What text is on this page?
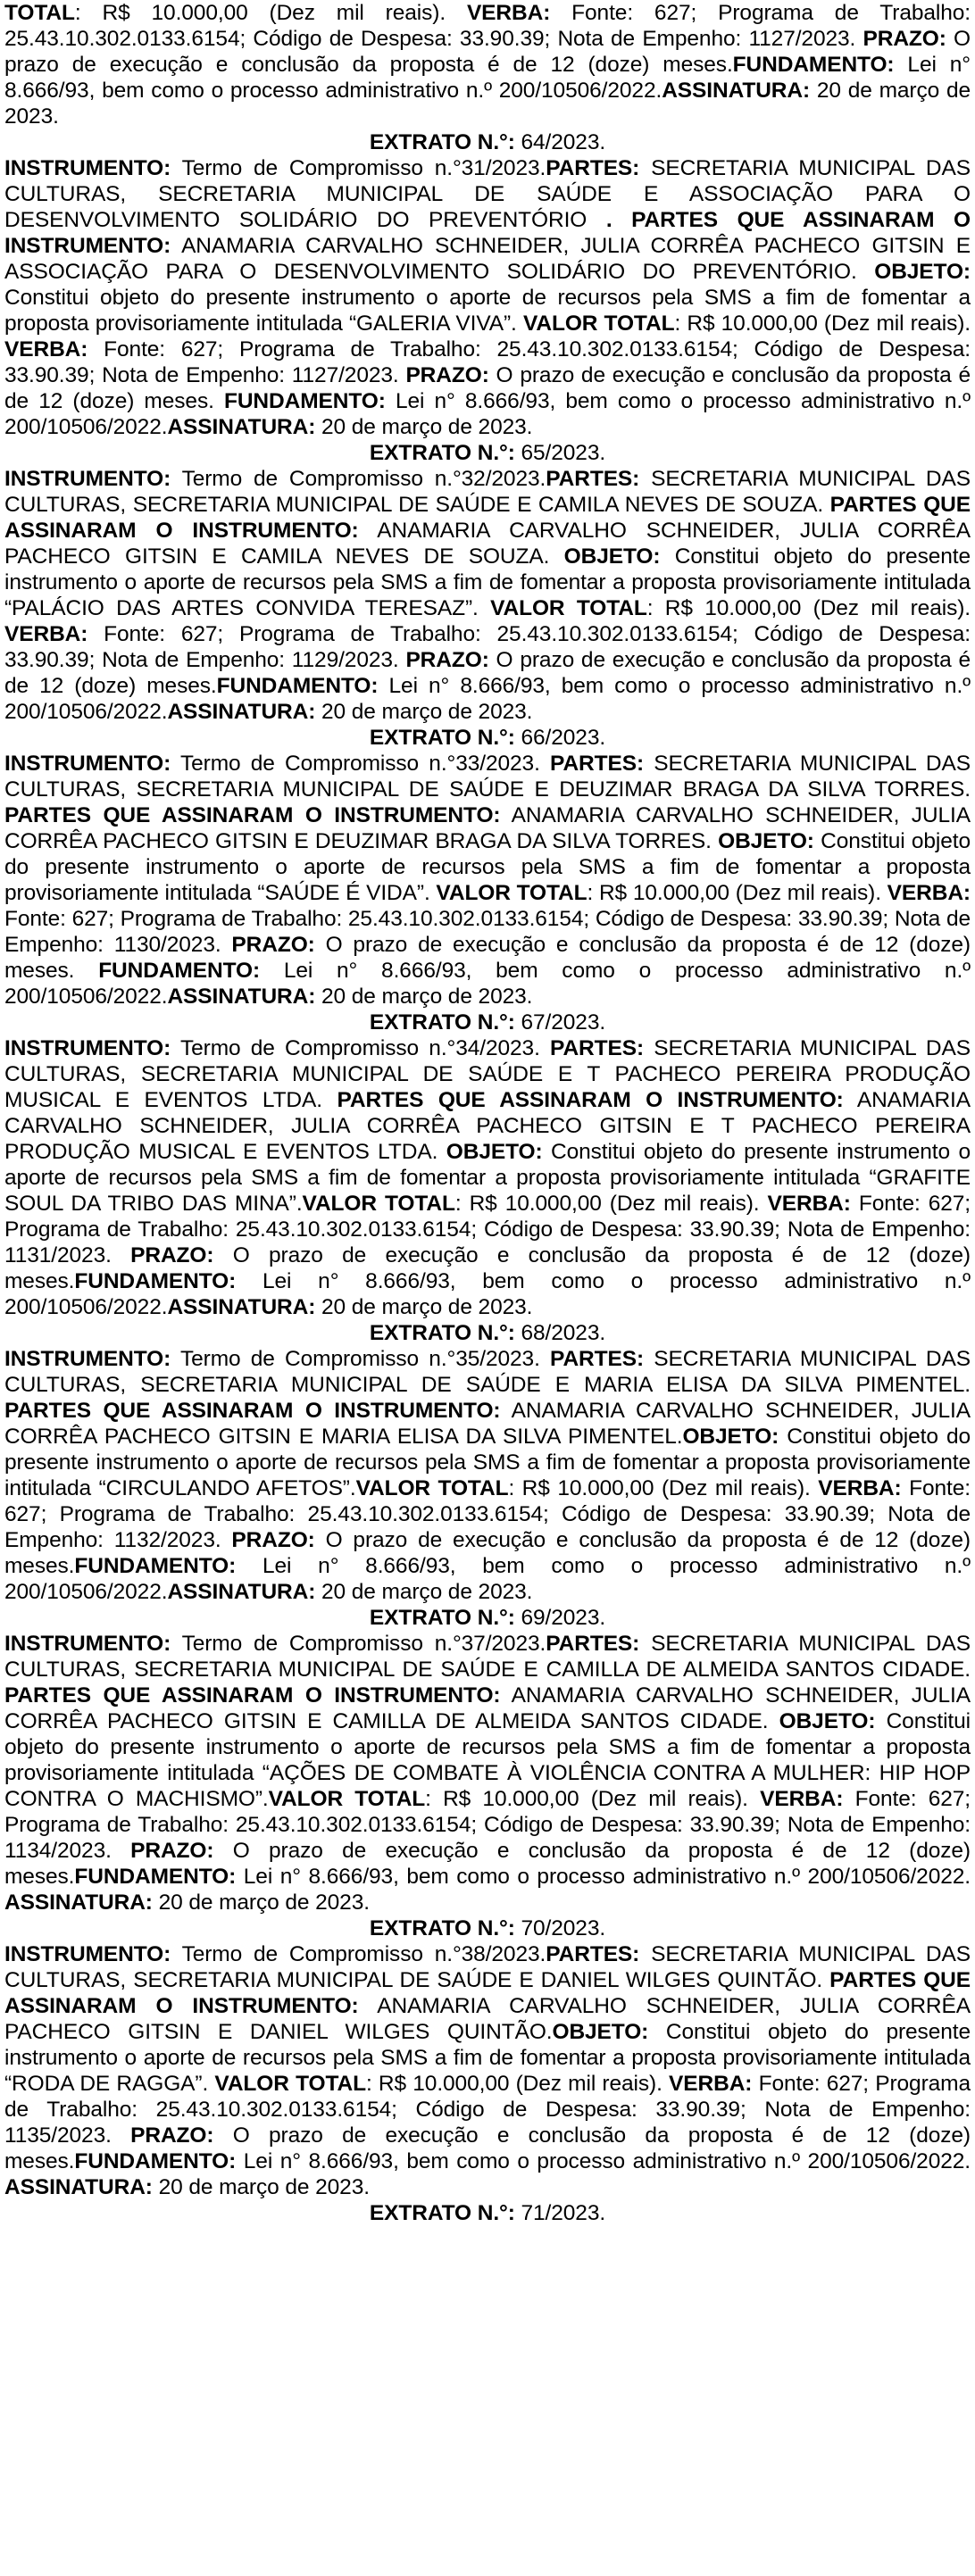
TOTAL: R$ 10.000,00 (Dez mil reais). VERBA: Fonte: 627; Programa de Trabalho: 25.43.10.302.0133.6154; Código de Despesa: 33.90.39; Nota de Empenho: 1127/2023. PRAZO: O prazo de execução e conclusão da proposta é de 12 (doze) meses.FUNDAMENTO: Lei n° 8.666/93, bem como o processo administrativo n.º 200/10506/2022.ASSINATURA: 20 de março de 2023.

EXTRATO N.°: 64/2023.

INSTRUMENTO: Termo de Compromisso n.°31/2023.PARTES: SECRETARIA MUNICIPAL DAS CULTURAS, SECRETARIA MUNICIPAL DE SAÚDE E ASSOCIAÇÃO PARA O DESENVOLVIMENTO SOLIDÁRIO DO PREVENTÓRIO . PARTES QUE ASSINARAM O INSTRUMENTO: ANAMARIA CARVALHO SCHNEIDER, JULIA CORRÊA PACHECO GITSIN E ASSOCIAÇÃO PARA O DESENVOLVIMENTO SOLIDÁRIO DO PREVENTÓRIO. OBJETO: Constitui objeto do presente instrumento o aporte de recursos pela SMS a fim de fomentar a proposta provisoriamente intitulada “GALERIA VIVA”. VALOR TOTAL: R$ 10.000,00 (Dez mil reais). VERBA: Fonte: 627; Programa de Trabalho: 25.43.10.302.0133.6154; Código de Despesa: 33.90.39; Nota de Empenho: 1127/2023. PRAZO: O prazo de execução e conclusão da proposta é de 12 (doze) meses. FUNDAMENTO: Lei n° 8.666/93, bem como o processo administrativo n.º 200/10506/2022.ASSINATURA: 20 de março de 2023.

EXTRATO N.°: 65/2023.

INSTRUMENTO: Termo de Compromisso n.°32/2023.PARTES: SECRETARIA MUNICIPAL DAS CULTURAS, SECRETARIA MUNICIPAL DE SAÚDE E CAMILA NEVES DE SOUZA. PARTES QUE ASSINARAM O INSTRUMENTO: ANAMARIA CARVALHO SCHNEIDER, JULIA CORRÊA PACHECO GITSIN E CAMILA NEVES DE SOUZA. OBJETO: Constitui objeto do presente instrumento o aporte de recursos pela SMS a fim de fomentar a proposta provisoriamente intitulada “PALÁCIO DAS ARTES CONVIDA TERESAZ”. VALOR TOTAL: R$ 10.000,00 (Dez mil reais). VERBA: Fonte: 627; Programa de Trabalho: 25.43.10.302.0133.6154; Código de Despesa: 33.90.39; Nota de Empenho: 1129/2023. PRAZO: O prazo de execução e conclusão da proposta é de 12 (doze) meses.FUNDAMENTO: Lei n° 8.666/93, bem como o processo administrativo n.º 200/10506/2022.ASSINATURA: 20 de março de 2023.

EXTRATO N.°: 66/2023.

INSTRUMENTO: Termo de Compromisso n.°33/2023. PARTES: SECRETARIA MUNICIPAL DAS CULTURAS, SECRETARIA MUNICIPAL DE SAÚDE E DEUZIMAR BRAGA DA SILVA TORRES. PARTES QUE ASSINARAM O INSTRUMENTO: ANAMARIA CARVALHO SCHNEIDER, JULIA CORRÊA PACHECO GITSIN E DEUZIMAR BRAGA DA SILVA TORRES. OBJETO: Constitui objeto do presente instrumento o aporte de recursos pela SMS a fim de fomentar a proposta provisoriamente intitulada “SAÚDE É VIDA”. VALOR TOTAL: R$ 10.000,00 (Dez mil reais). VERBA: Fonte: 627; Programa de Trabalho: 25.43.10.302.0133.6154; Código de Despesa: 33.90.39; Nota de Empenho: 1130/2023. PRAZO: O prazo de execução e conclusão da proposta é de 12 (doze) meses. FUNDAMENTO: Lei n° 8.666/93, bem como o processo administrativo n.º 200/10506/2022.ASSINATURA: 20 de março de 2023.

EXTRATO N.°: 67/2023.

INSTRUMENTO: Termo de Compromisso n.°34/2023. PARTES: SECRETARIA MUNICIPAL DAS CULTURAS, SECRETARIA MUNICIPAL DE SAÚDE E T PACHECO PEREIRA PRODUÇÃO MUSICAL E EVENTOS LTDA. PARTES QUE ASSINARAM O INSTRUMENTO: ANAMARIA CARVALHO SCHNEIDER, JULIA CORRÊA PACHECO GITSIN E T PACHECO PEREIRA PRODUÇÃO MUSICAL E EVENTOS LTDA. OBJETO: Constitui objeto do presente instrumento o aporte de recursos pela SMS a fim de fomentar a proposta provisoriamente intitulada “GRAFITE SOUL DA TRIBO DAS MINA”.VALOR TOTAL: R$ 10.000,00 (Dez mil reais). VERBA: Fonte: 627; Programa de Trabalho: 25.43.10.302.0133.6154; Código de Despesa: 33.90.39; Nota de Empenho: 1131/2023. PRAZO: O prazo de execução e conclusão da proposta é de 12 (doze) meses.FUNDAMENTO: Lei n° 8.666/93, bem como o processo administrativo n.º 200/10506/2022.ASSINATURA: 20 de março de 2023.

EXTRATO N.°: 68/2023.

INSTRUMENTO: Termo de Compromisso n.°35/2023. PARTES: SECRETARIA MUNICIPAL DAS CULTURAS, SECRETARIA MUNICIPAL DE SAÚDE E MARIA ELISA DA SILVA PIMENTEL. PARTES QUE ASSINARAM O INSTRUMENTO: ANAMARIA CARVALHO SCHNEIDER, JULIA CORRÊA PACHECO GITSIN E MARIA ELISA DA SILVA PIMENTEL.OBJETO: Constitui objeto do presente instrumento o aporte de recursos pela SMS a fim de fomentar a proposta provisoriamente intitulada “CIRCULANDO AFETOS”.VALOR TOTAL: R$ 10.000,00 (Dez mil reais). VERBA: Fonte: 627; Programa de Trabalho: 25.43.10.302.0133.6154; Código de Despesa: 33.90.39; Nota de Empenho: 1132/2023. PRAZO: O prazo de execução e conclusão da proposta é de 12 (doze) meses.FUNDAMENTO: Lei n° 8.666/93, bem como o processo administrativo n.º 200/10506/2022.ASSINATURA: 20 de março de 2023.

EXTRATO N.°: 69/2023.

INSTRUMENTO: Termo de Compromisso n.°37/2023.PARTES: SECRETARIA MUNICIPAL DAS CULTURAS, SECRETARIA MUNICIPAL DE SAÚDE E CAMILLA DE ALMEIDA SANTOS CIDADE. PARTES QUE ASSINARAM O INSTRUMENTO: ANAMARIA CARVALHO SCHNEIDER, JULIA CORRÊA PACHECO GITSIN E CAMILLA DE ALMEIDA SANTOS CIDADE. OBJETO: Constitui objeto do presente instrumento o aporte de recursos pela SMS a fim de fomentar a proposta provisoriamente intitulada “AÇÕES DE COMBATE À VIOLÊNCIA CONTRA A MULHER: HIP HOP CONTRA O MACHISMO”.VALOR TOTAL: R$ 10.000,00 (Dez mil reais). VERBA: Fonte: 627; Programa de Trabalho: 25.43.10.302.0133.6154; Código de Despesa: 33.90.39; Nota de Empenho: 1134/2023. PRAZO: O prazo de execução e conclusão da proposta é de 12 (doze) meses.FUNDAMENTO: Lei n° 8.666/93, bem como o processo administrativo n.º 200/10506/2022. ASSINATURA: 20 de março de 2023.

EXTRATO N.°: 70/2023.

INSTRUMENTO: Termo de Compromisso n.°38/2023.PARTES: SECRETARIA MUNICIPAL DAS CULTURAS, SECRETARIA MUNICIPAL DE SAÚDE E DANIEL WILGES QUINTÃO. PARTES QUE ASSINARAM O INSTRUMENTO: ANAMARIA CARVALHO SCHNEIDER, JULIA CORRÊA PACHECO GITSIN E DANIEL WILGES QUINTÃO.OBJETO: Constitui objeto do presente instrumento o aporte de recursos pela SMS a fim de fomentar a proposta provisoriamente intitulada “RODA DE RAGGA”. VALOR TOTAL: R$ 10.000,00 (Dez mil reais). VERBA: Fonte: 627; Programa de Trabalho: 25.43.10.302.0133.6154; Código de Despesa: 33.90.39; Nota de Empenho: 1135/2023. PRAZO: O prazo de execução e conclusão da proposta é de 12 (doze) meses.FUNDAMENTO: Lei n° 8.666/93, bem como o processo administrativo n.º 200/10506/2022. ASSINATURA: 20 de março de 2023.

EXTRATO N.°: 71/2023.
